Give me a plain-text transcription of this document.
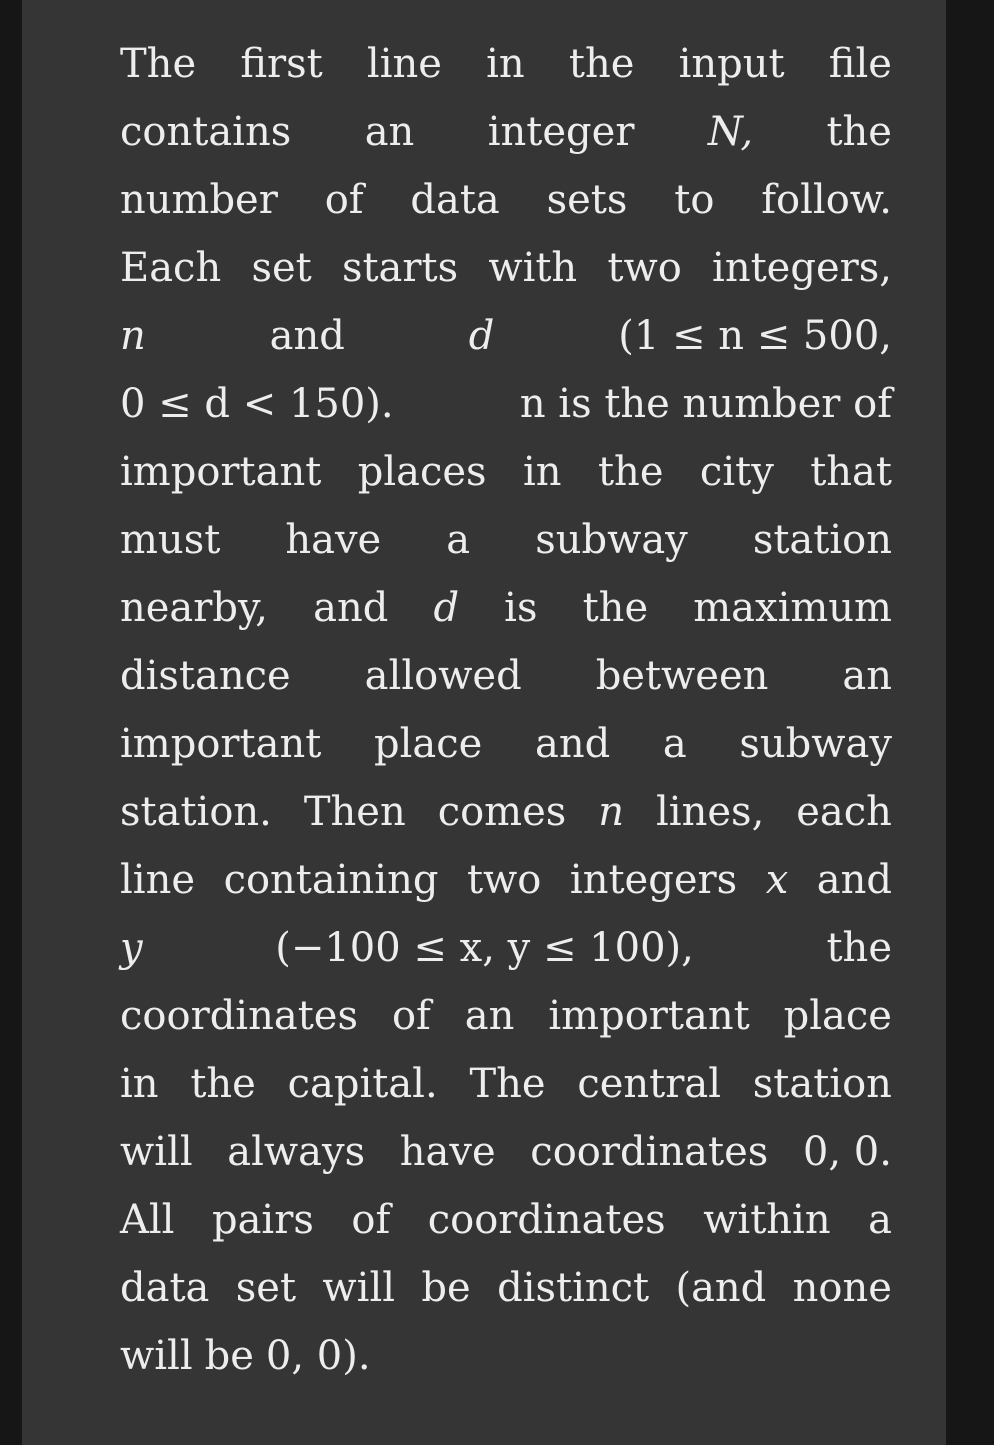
The first line in the input file
contains an integer N, the
number of data sets to follow.
Each set starts with two integers,
n	and	d	(1 ≤ n ≤ 500,
0 ≤ d < 150).	n is the number of
important places in the city that
must have a subway station
nearby, and d is the maximum
distance allowed between an
important place and a subway
station. Then comes n lines, each
line containing two integers x and
y	(−100 ≤ x, y ≤ 100),	the
coordinates of an important place
in the capital. The central station
will always have coordinates 0, 0.
All pairs of coordinates within a
data set will be distinct (and none
will be 0, 0).
